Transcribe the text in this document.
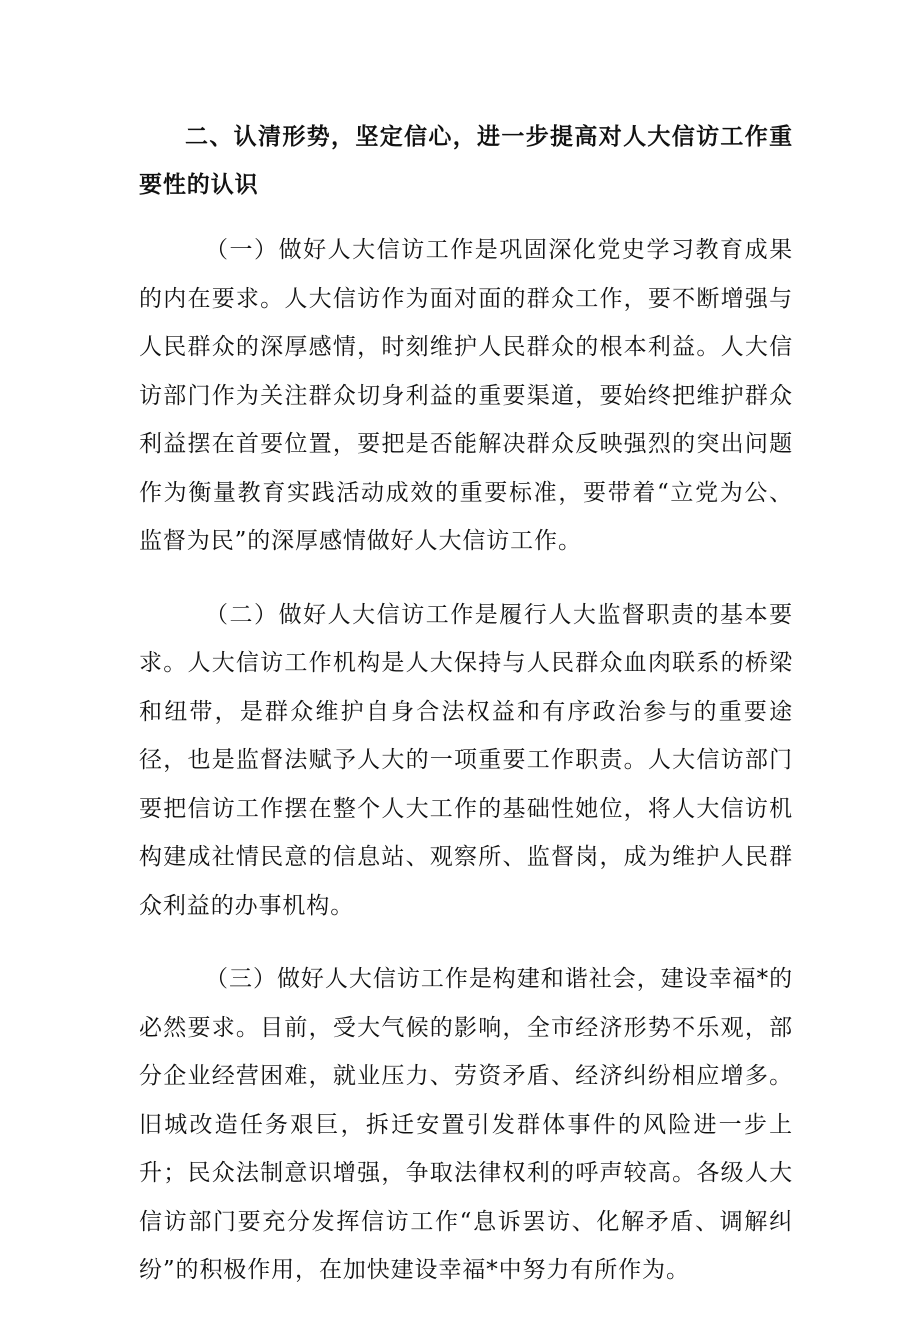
二、认清形势，坚定信心，进一步提高对人大信访工作重要性的认识

（一）做好人大信访工作是巩固深化党史学习教育成果的内在要求。人大信访作为面对面的群众工作，要不断增强与人民群众的深厚感情，时刻维护人民群众的根本利益。人大信访部门作为关注群众切身利益的重要渠道，要始终把维护群众利益摆在首要位置，要把是否能解决群众反映强烈的突出问题作为衡量教育实践活动成效的重要标准，要带着“立党为公、监督为民”的深厚感情做好人大信访工作。

（二）做好人大信访工作是履行人大监督职责的基本要求。人大信访工作机构是人大保持与人民群众血肉联系的桥梁和纽带，是群众维护自身合法权益和有序政治参与的重要途径，也是监督法赋予人大的一项重要工作职责。人大信访部门要把信访工作摆在整个人大工作的基础性她位，将人大信访机构建成社情民意的信息站、观察所、监督岗，成为维护人民群众利益的办事机构。

（三）做好人大信访工作是构建和谐社会，建设幸福*的必然要求。目前，受大气候的影响，全市经济形势不乐观，部分企业经营困难，就业压力、劳资矛盾、经济纠纷相应增多。旧城改造任务艰巨，拆迁安置引发群体事件的风险进一步上升；民众法制意识增强，争取法律权利的呼声较高。各级人大信访部门要充分发挥信访工作“息诉罢访、化解矛盾、调解纠纷”的积极作用，在加快建设幸福*中努力有所作为。
